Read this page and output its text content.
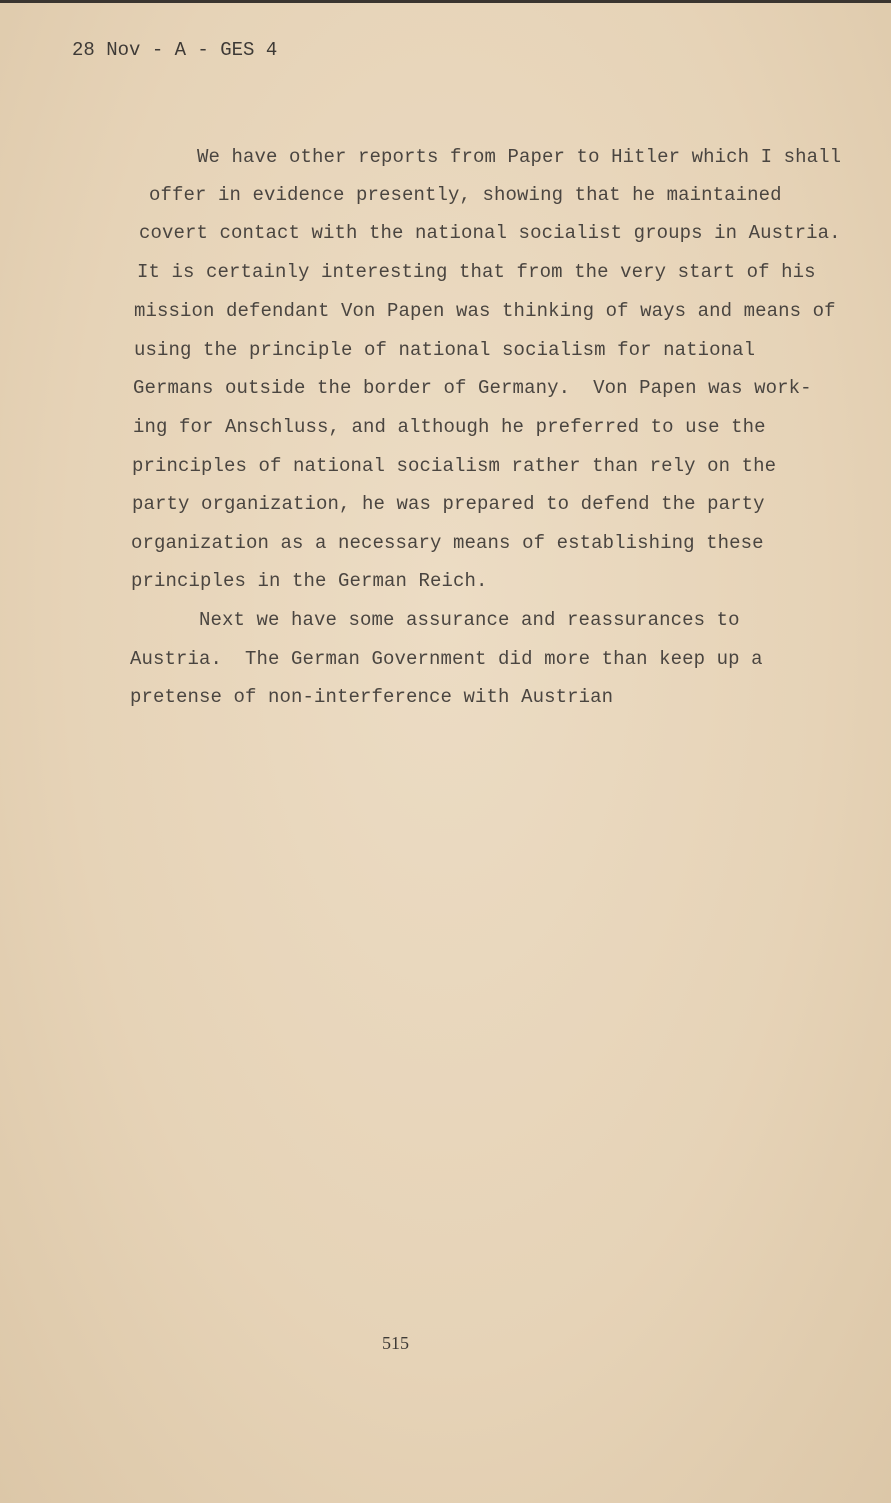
28 Nov - A - GES 4
We have other reports from Paper to Hitler which I shall
offer in evidence presently, showing that he maintained
covert contact with the national socialist groups in Austria.
It is certainly interesting that from the very start of his
mission defendant Von Papen was thinking of ways and means of
using the principle of national socialism for national
Germans outside the border of Germany.  Von Papen was work-
ing for Anschluss, and although he preferred to use the
principles of national socialism rather than rely on the
party organization, he was prepared to defend the party
organization as a necessary means of establishing these
principles in the German Reich.
Next we have some assurance and reassurances to
Austria.  The German Government did more than keep up a
pretense of non-interference with Austrian
515
